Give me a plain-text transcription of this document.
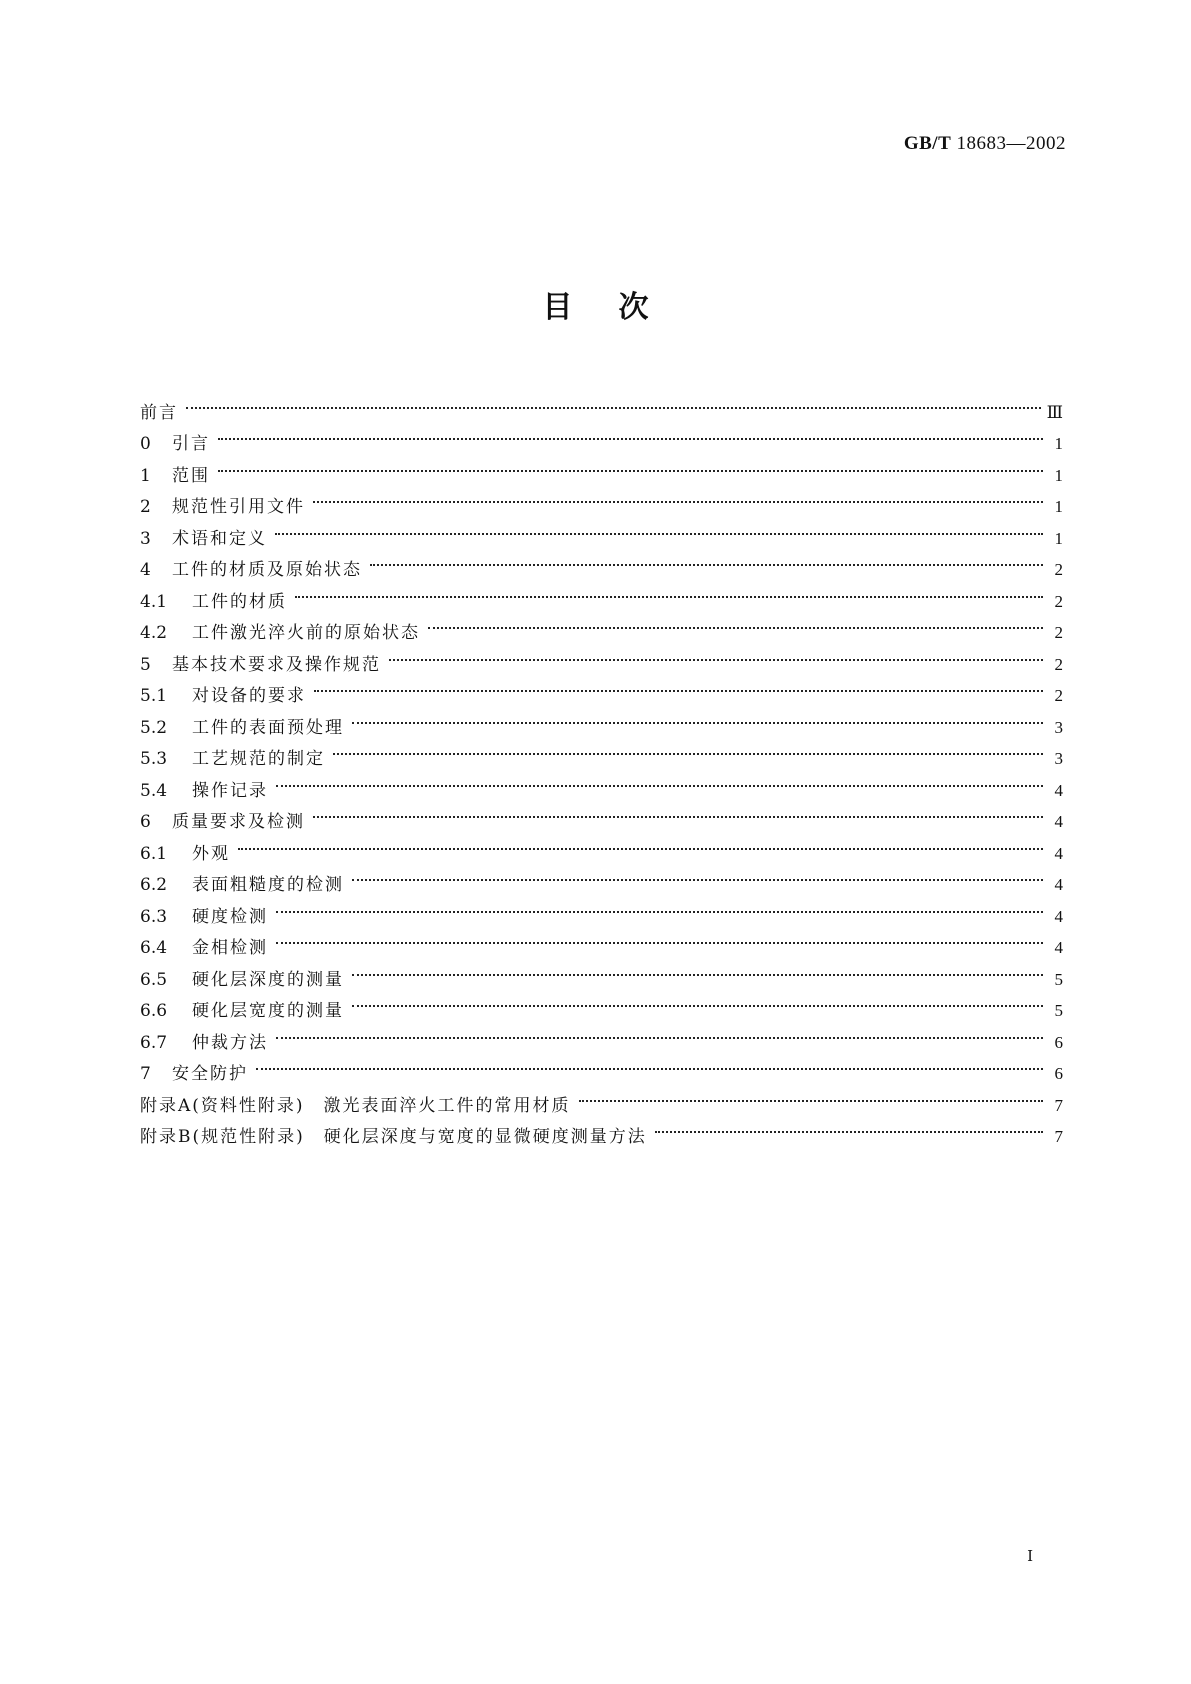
GB/T 18683—2002
目次
前言	Ⅲ
0	引言	1
1	范围	1
2	规范性引用文件	1
3	术语和定义	1
4	工件的材质及原始状态	2
4.1	工件的材质	2
4.2	工件激光淬火前的原始状态	2
5	基本技术要求及操作规范	2
5.1	对设备的要求	2
5.2	工件的表面预处理	3
5.3	工艺规范的制定	3
5.4	操作记录	4
6	质量要求及检测	4
6.1	外观	4
6.2	表面粗糙度的检测	4
6.3	硬度检测	4
6.4	金相检测	4
6.5	硬化层深度的测量	5
6.6	硬化层宽度的测量	5
6.7	仲裁方法	6
7	安全防护	6
附录A(资料性附录)　激光表面淬火工件的常用材质	7
附录B(规范性附录)　硬化层深度与宽度的显微硬度测量方法	7
Ⅰ
